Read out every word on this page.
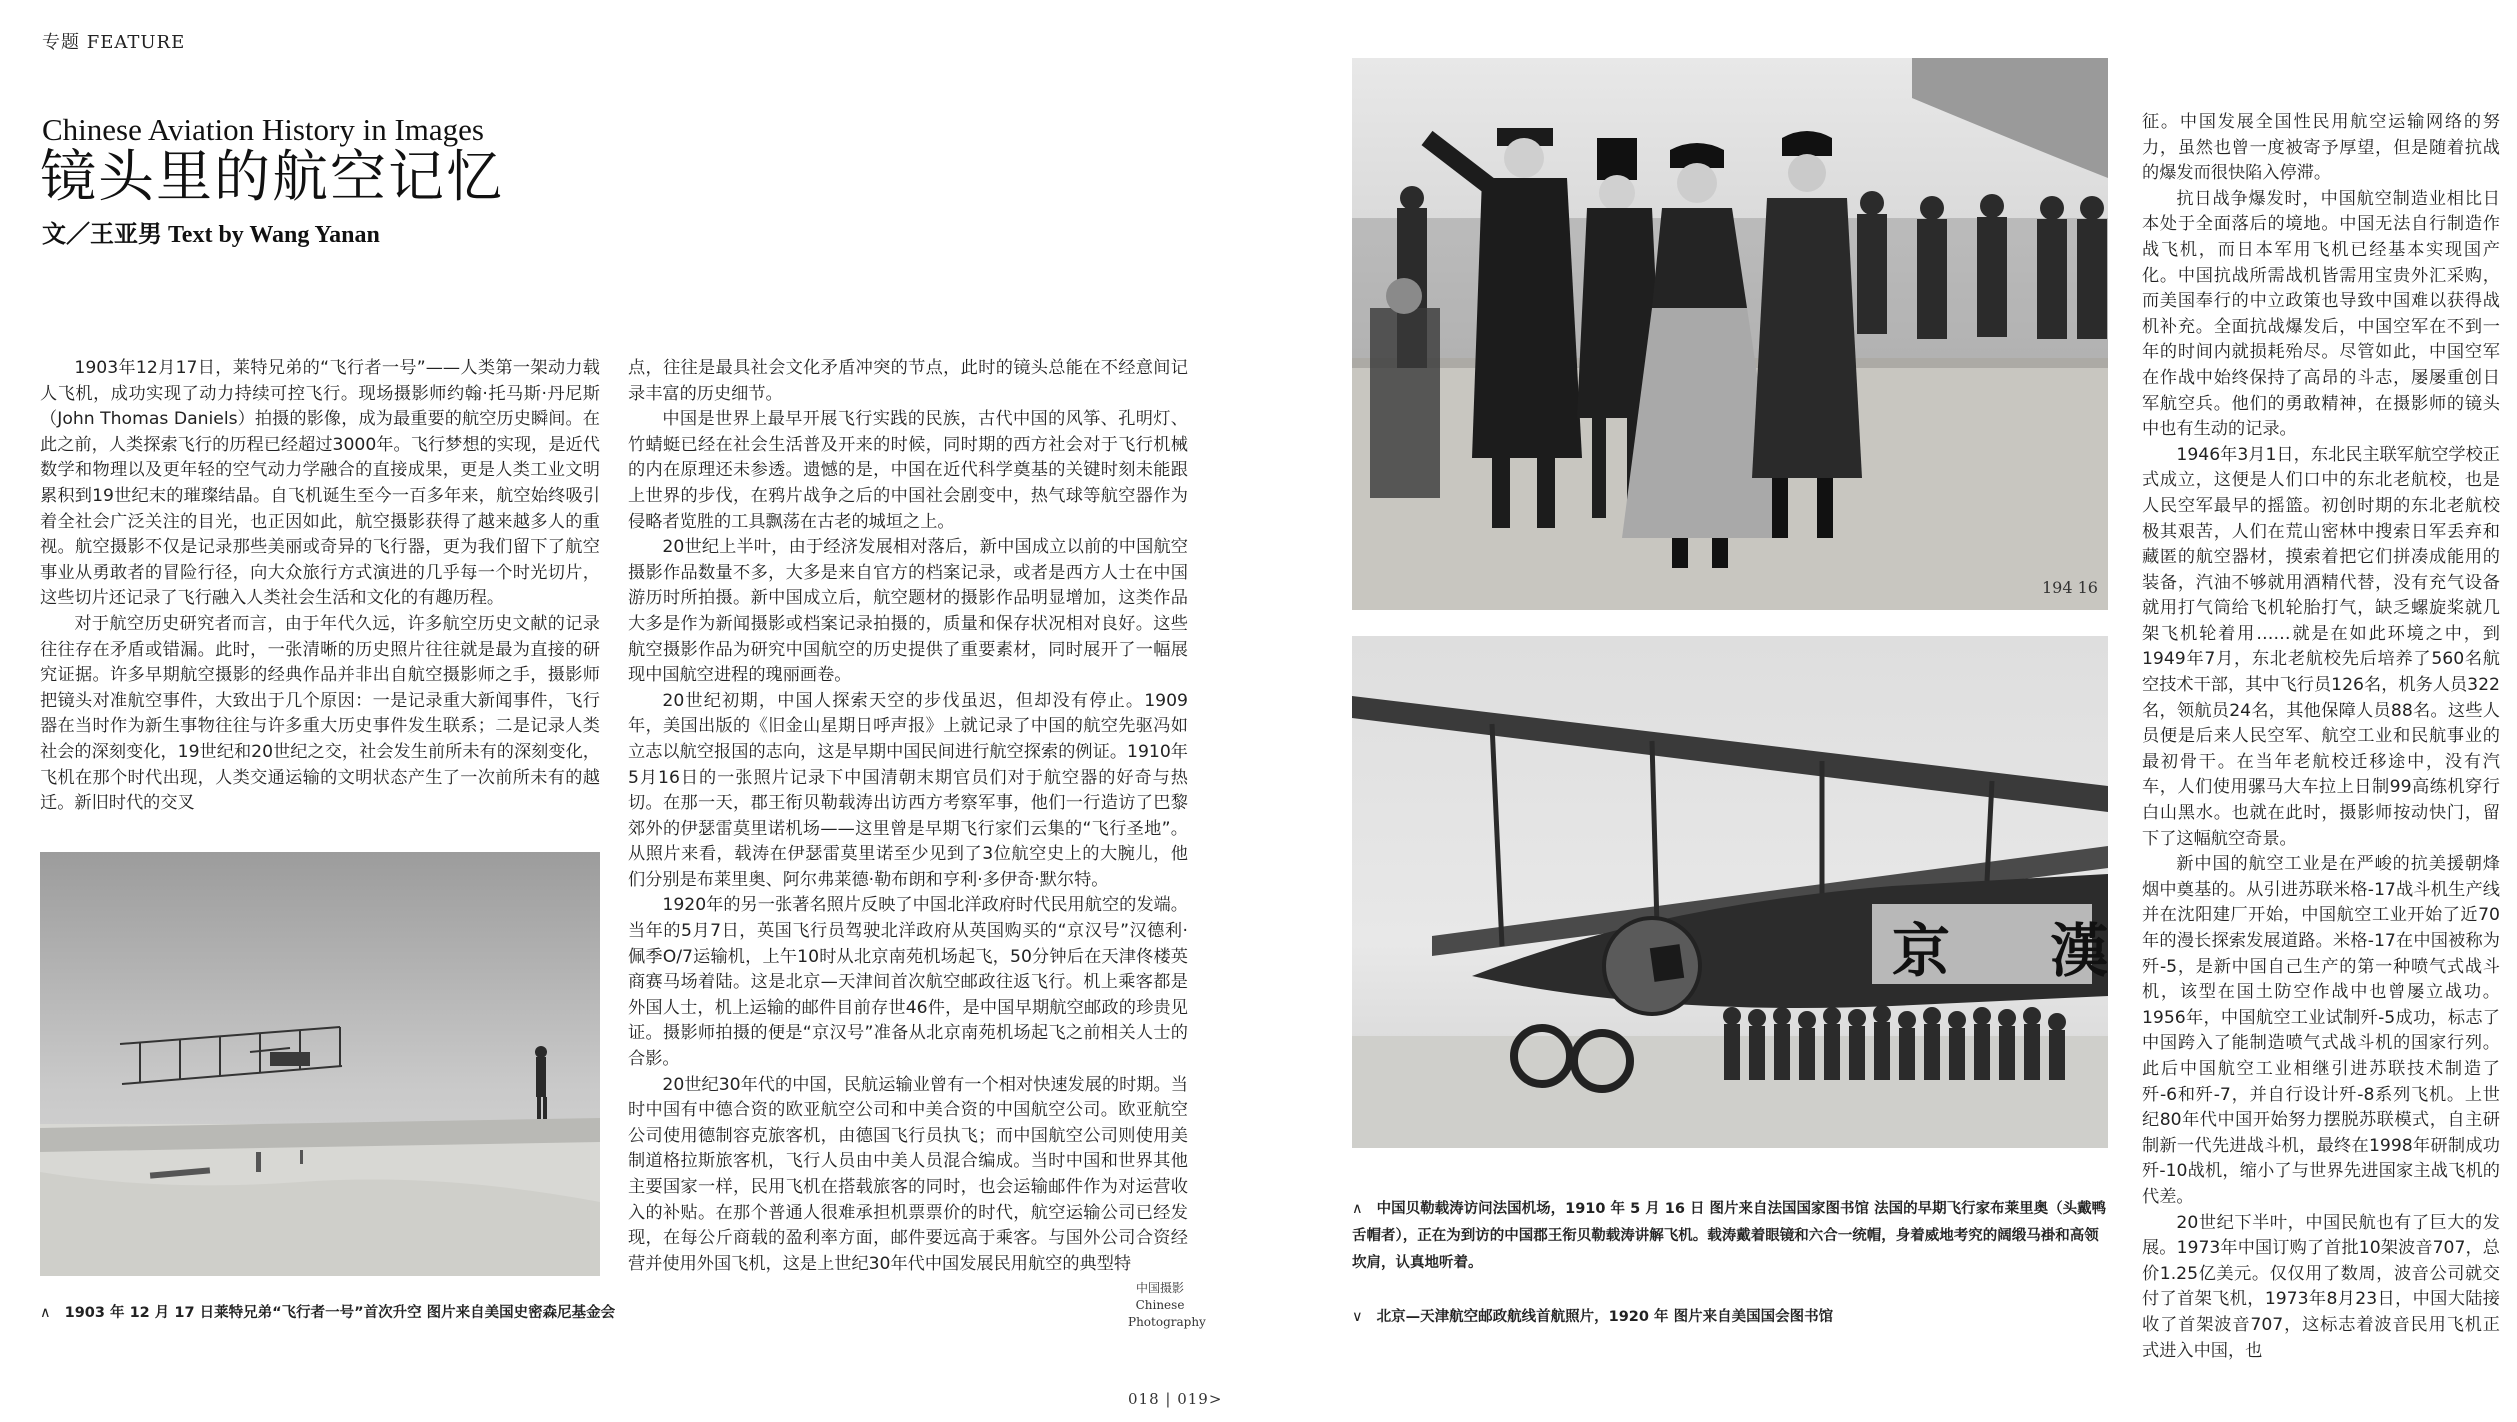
专题 FEATURE
Chinese Aviation History in Images
镜头里的航空记忆
文／王亚男 Text by Wang Yanan

1903年12月17日，莱特兄弟的“飞行者一号”——人类第一架动力载人飞机，成功实现了动力持续可控飞行。现场摄影师约翰·托马斯·丹尼斯（John Thomas Daniels）拍摄的影像，成为最重要的航空历史瞬间。在此之前，人类探索飞行的历程已经超过3000年。飞行梦想的实现，是近代数学和物理以及更年轻的空气动力学融合的直接成果，更是人类工业文明累积到19世纪末的璀璨结晶。自飞机诞生至今一百多年来，航空始终吸引着全社会广泛关注的目光，也正因如此，航空摄影获得了越来越多人的重视。航空摄影不仅是记录那些美丽或奇异的飞行器，更为我们留下了航空事业从勇敢者的冒险行径，向大众旅行方式演进的几乎每一个时光切片，这些切片还记录了飞行融入人类社会生活和文化的有趣历程。

对于航空历史研究者而言，由于年代久远，许多航空历史文献的记录往往存在矛盾或错漏。此时，一张清晰的历史照片往往就是最为直接的研究证据。许多早期航空摄影的经典作品并非出自航空摄影师之手，摄影师把镜头对准航空事件，大致出于几个原因：一是记录重大新闻事件，飞行器在当时作为新生事物往往与许多重大历史事件发生联系；二是记录人类社会的深刻变化，19世纪和20世纪之交，社会发生前所未有的深刻变化，飞机在那个时代出现，人类交通运输的文明状态产生了一次前所未有的越迁。新旧时代的交叉

点，往往是最具社会文化矛盾冲突的节点，此时的镜头总能在不经意间记录丰富的历史细节。

中国是世界上最早开展飞行实践的民族，古代中国的风筝、孔明灯、竹蜻蜓已经在社会生活普及开来的时候，同时期的西方社会对于飞行机械的内在原理还未参透。遗憾的是，中国在近代科学奠基的关键时刻未能跟上世界的步伐，在鸦片战争之后的中国社会剧变中，热气球等航空器作为侵略者览胜的工具飘荡在古老的城垣之上。

20世纪上半叶，由于经济发展相对落后，新中国成立以前的中国航空摄影作品数量不多，大多是来自官方的档案记录，或者是西方人士在中国游历时所拍摄。新中国成立后，航空题材的摄影作品明显增加，这类作品大多是作为新闻摄影或档案记录拍摄的，质量和保存状况相对良好。这些航空摄影作品为研究中国航空的历史提供了重要素材，同时展开了一幅展现中国航空进程的瑰丽画卷。

20世纪初期，中国人探索天空的步伐虽迟，但却没有停止。1909年，美国出版的《旧金山星期日呼声报》上就记录了中国的航空先驱冯如立志以航空报国的志向，这是早期中国民间进行航空探索的例证。1910年5月16日的一张照片记录下中国清朝末期官员们对于航空器的好奇与热切。在那一天，郡王衔贝勒载涛出访西方考察军事，他们一行造访了巴黎郊外的伊瑟雷莫里诺机场——这里曾是早期飞行家们云集的“飞行圣地”。从照片来看，载涛在伊瑟雷莫里诺至少见到了3位航空史上的大腕儿，他们分别是布莱里奥、阿尔弗莱德·勒布朗和亨利·多伊奇·默尔特。

1920年的另一张著名照片反映了中国北洋政府时代民用航空的发端。当年的5月7日，英国飞行员驾驶北洋政府从英国购买的“京汉号”汉德利·佩季O/7运输机，上午10时从北京南苑机场起飞，50分钟后在天津佟楼英商赛马场着陆。这是北京—天津间首次航空邮政往返飞行。机上乘客都是外国人士，机上运输的邮件目前存世46件，是中国早期航空邮政的珍贵见证。摄影师拍摄的便是“京汉号”准备从北京南苑机场起飞之前相关人士的合影。

20世纪30年代的中国，民航运输业曾有一个相对快速发展的时期。当时中国有中德合资的欧亚航空公司和中美合资的中国航空公司。欧亚航空公司使用德制容克旅客机，由德国飞行员执飞；而中国航空公司则使用美制道格拉斯旅客机，飞行人员由中美人员混合编成。当时中国和世界其他主要国家一样，民用飞机在搭载旅客的同时，也会运输邮件作为对运营收入的补贴。在那个普通人很难承担机票票价的时代，航空运输公司已经发现，在每公斤商载的盈利率方面，邮件要远高于乘客。与国外公司合资经营并使用外国飞机，这是上世纪30年代中国发展民用航空的典型特

征。中国发展全国性民用航空运输网络的努力，虽然也曾一度被寄予厚望，但是随着抗战的爆发而很快陷入停滞。

抗日战争爆发时，中国航空制造业相比日本处于全面落后的境地。中国无法自行制造作战飞机，而日本军用飞机已经基本实现国产化。中国抗战所需战机皆需用宝贵外汇采购，而美国奉行的中立政策也导致中国难以获得战机补充。全面抗战爆发后，中国空军在不到一年的时间内就损耗殆尽。尽管如此，中国空军在作战中始终保持了高昂的斗志，屡屡重创日军航空兵。他们的勇敢精神，在摄影师的镜头中也有生动的记录。

1946年3月1日，东北民主联军航空学校正式成立，这便是人们口中的东北老航校，也是人民空军最早的摇篮。初创时期的东北老航校极其艰苦，人们在荒山密林中搜索日军丢弃和藏匿的航空器材，摸索着把它们拼凑成能用的装备，汽油不够就用酒精代替，没有充气设备就用打气筒给飞机轮胎打气，缺乏螺旋桨就几架飞机轮着用……就是在如此环境之中，到1949年7月，东北老航校先后培养了560名航空技术干部，其中飞行员126名，机务人员322名，领航员24名，其他保障人员88名。这些人员便是后来人民空军、航空工业和民航事业的最初骨干。在当年老航校迁移途中，没有汽车，人们使用骡马大车拉上日制99高练机穿行白山黑水。也就在此时，摄影师按动快门，留下了这幅航空奇景。

新中国的航空工业是在严峻的抗美援朝烽烟中奠基的。从引进苏联米格-17战斗机生产线并在沈阳建厂开始，中国航空工业开始了近70年的漫长探索发展道路。米格-17在中国被称为歼-5，是新中国自己生产的第一种喷气式战斗机，该型在国土防空作战中也曾屡立战功。1956年，中国航空工业试制歼-5成功，标志了中国跨入了能制造喷气式战斗机的国家行列。此后中国航空工业相继引进苏联技术制造了歼-6和歼-7，并自行设计歼-8系列飞机。上世纪80年代中国开始努力摆脱苏联模式，自主研制新一代先进战斗机，最终在1998年研制成功歼-10战机，缩小了与世界先进国家主战飞机的代差。

20世纪下半叶，中国民航也有了巨大的发展。1973年中国订购了首批10架波音707，总价1.25亿美元。仅仅用了数周，波音公司就交付了首架飞机，1973年8月23日，中国大陆接收了首架波音707，这标志着波音民用飞机正式进入中国，也

∧ 1903 年 12 月 17 日莱特兄弟“飞行者一号”首次升空 图片来自美国史密森尼基金会
中国摄影 Chinese Photography
194 16
京 漢
∧ 中国贝勒载涛访问法国机场，1910 年 5 月 16 日 图片来自法国国家图书馆 法国的早期飞行家布莱里奥（头戴鸭舌帽者），正在为到访的中国郡王衔贝勒载涛讲解飞机。载涛戴着眼镜和六合一统帽，身着威地考究的阔缎马褂和高领坎肩，认真地听着。
∨ 北京—天津航空邮政航线首航照片，1920 年 图片来自美国国会图书馆
018 | 019>
